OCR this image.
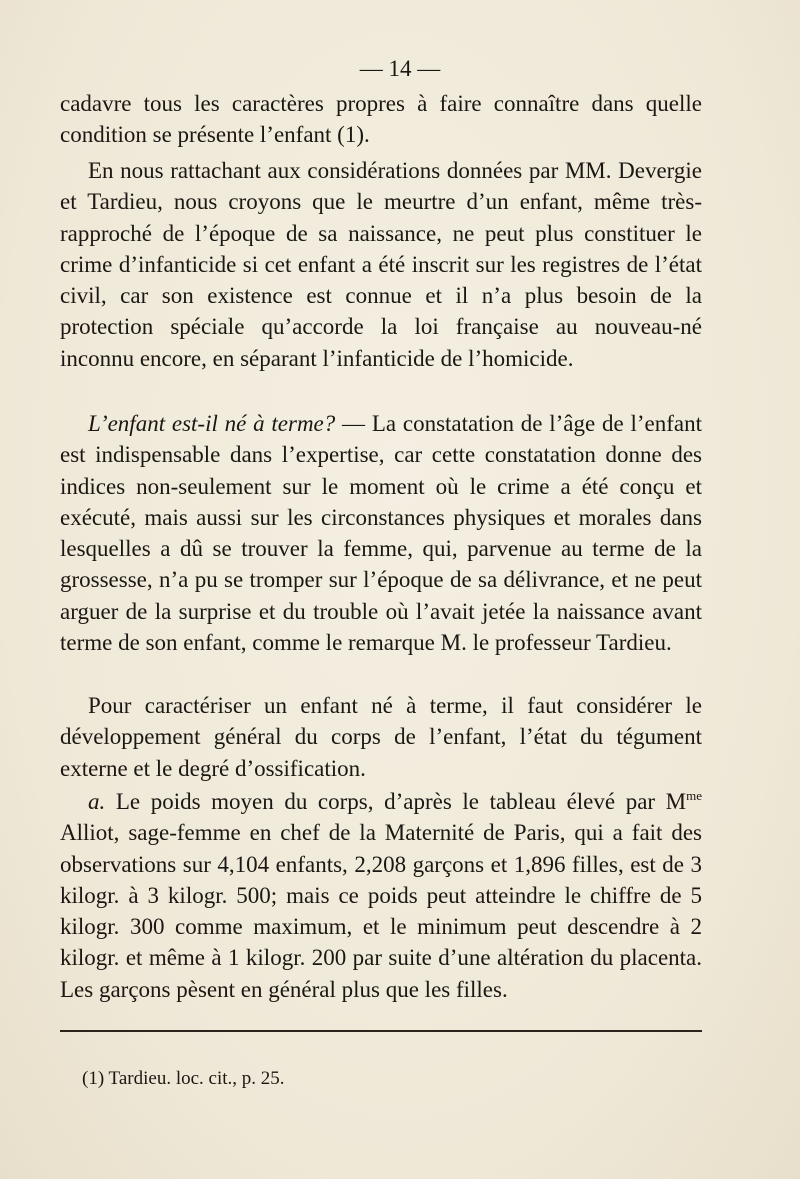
— 14 —

cadavre tous les caractères propres à faire connaître dans quelle condition se présente l’enfant (1).

En nous rattachant aux considérations données par MM. Devergie et Tardieu, nous croyons que le meurtre d’un enfant, même très-rapproché de l’époque de sa naissance, ne peut plus constituer le crime d’infanticide si cet enfant a été inscrit sur les registres de l’état civil, car son existence est connue et il n’a plus besoin de la protection spéciale qu’accorde la loi française au nouveau-né inconnu encore, en séparant l’infanticide de l’homicide.

L’enfant est-il né à terme? — La constatation de l’âge de l’enfant est indispensable dans l’expertise, car cette constatation donne des indices non-seulement sur le moment où le crime a été conçu et exécuté, mais aussi sur les circonstances physiques et morales dans lesquelles a dû se trouver la femme, qui, parvenue au terme de la grossesse, n’a pu se tromper sur l’époque de sa délivrance, et ne peut arguer de la surprise et du trouble où l’avait jetée la naissance avant terme de son enfant, comme le remarque M. le professeur Tardieu.

Pour caractériser un enfant né à terme, il faut considérer le développement général du corps de l’enfant, l’état du tégument externe et le degré d’ossification.

a. Le poids moyen du corps, d’après le tableau élevé par $M^{me}$ Alliot, sage-femme en chef de la Maternité de Paris, qui a fait des observations sur 4,104 enfants, 2,208 garçons et 1,896 filles, est de 3 kilogr. à 3 kilogr. 500; mais ce poids peut atteindre le chiffre de 5 kilogr. 300 comme maximum, et le minimum peut descendre à 2 kilogr. et même à 1 kilogr. 200 par suite d’une altération du placenta. Les garçons pèsent en général plus que les filles.

(1) Tardieu. loc. cit., p. 25.
